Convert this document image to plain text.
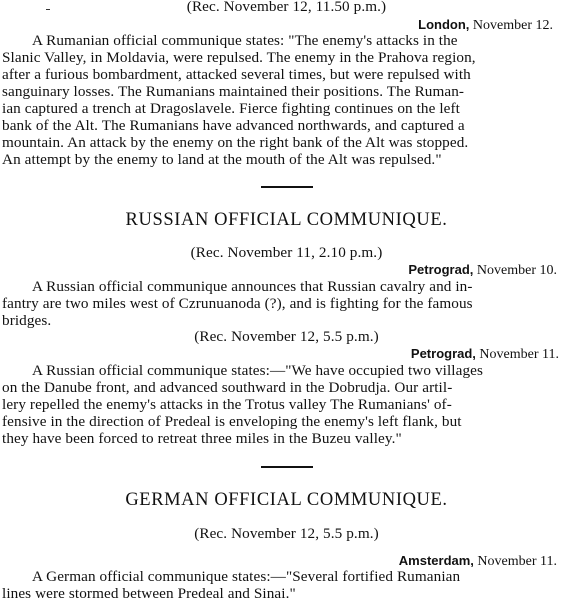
(Rec. November 12, 11.50 p.m.)
London, November 12.
A Rumanian official communique states: "The enemy's attacks in the
Slanic Valley, in Moldavia, were repulsed. The enemy in the Prahova region,
after a furious bombardment, attacked several times, but were repulsed with
sanguinary losses. The Rumanians maintained their positions. The Ruman-
ian captured a trench at Dragoslavele. Fierce fighting continues on the left
bank of the Alt. The Rumanians have advanced northwards, and captured a
mountain. An attack by the enemy on the right bank of the Alt was stopped.
An attempt by the enemy to land at the mouth of the Alt was repulsed."
RUSSIAN OFFICIAL COMMUNIQUE.
(Rec. November 11, 2.10 p.m.)
Petrograd, November 10.
A Russian official communique announces that Russian cavalry and in-
fantry are two miles west of Czrunuanoda (?), and is fighting for the famous
bridges.
(Rec. November 12, 5.5 p.m.)
Petrograd, November 11.
A Russian official communique states:—"We have occupied two villages
on the Danube front, and advanced southward in the Dobrudja. Our artil-
lery repelled the enemy's attacks in the Trotus valley The Rumanians' of-
fensive in the direction of Predeal is enveloping the enemy's left flank, but
they have been forced to retreat three miles in the Buzeu valley."
GERMAN OFFICIAL COMMUNIQUE.
(Rec. November 12, 5.5 p.m.)
Amsterdam, November 11.
A German official communique states:—"Several fortified Rumanian
lines were stormed between Predeal and Sinai."
